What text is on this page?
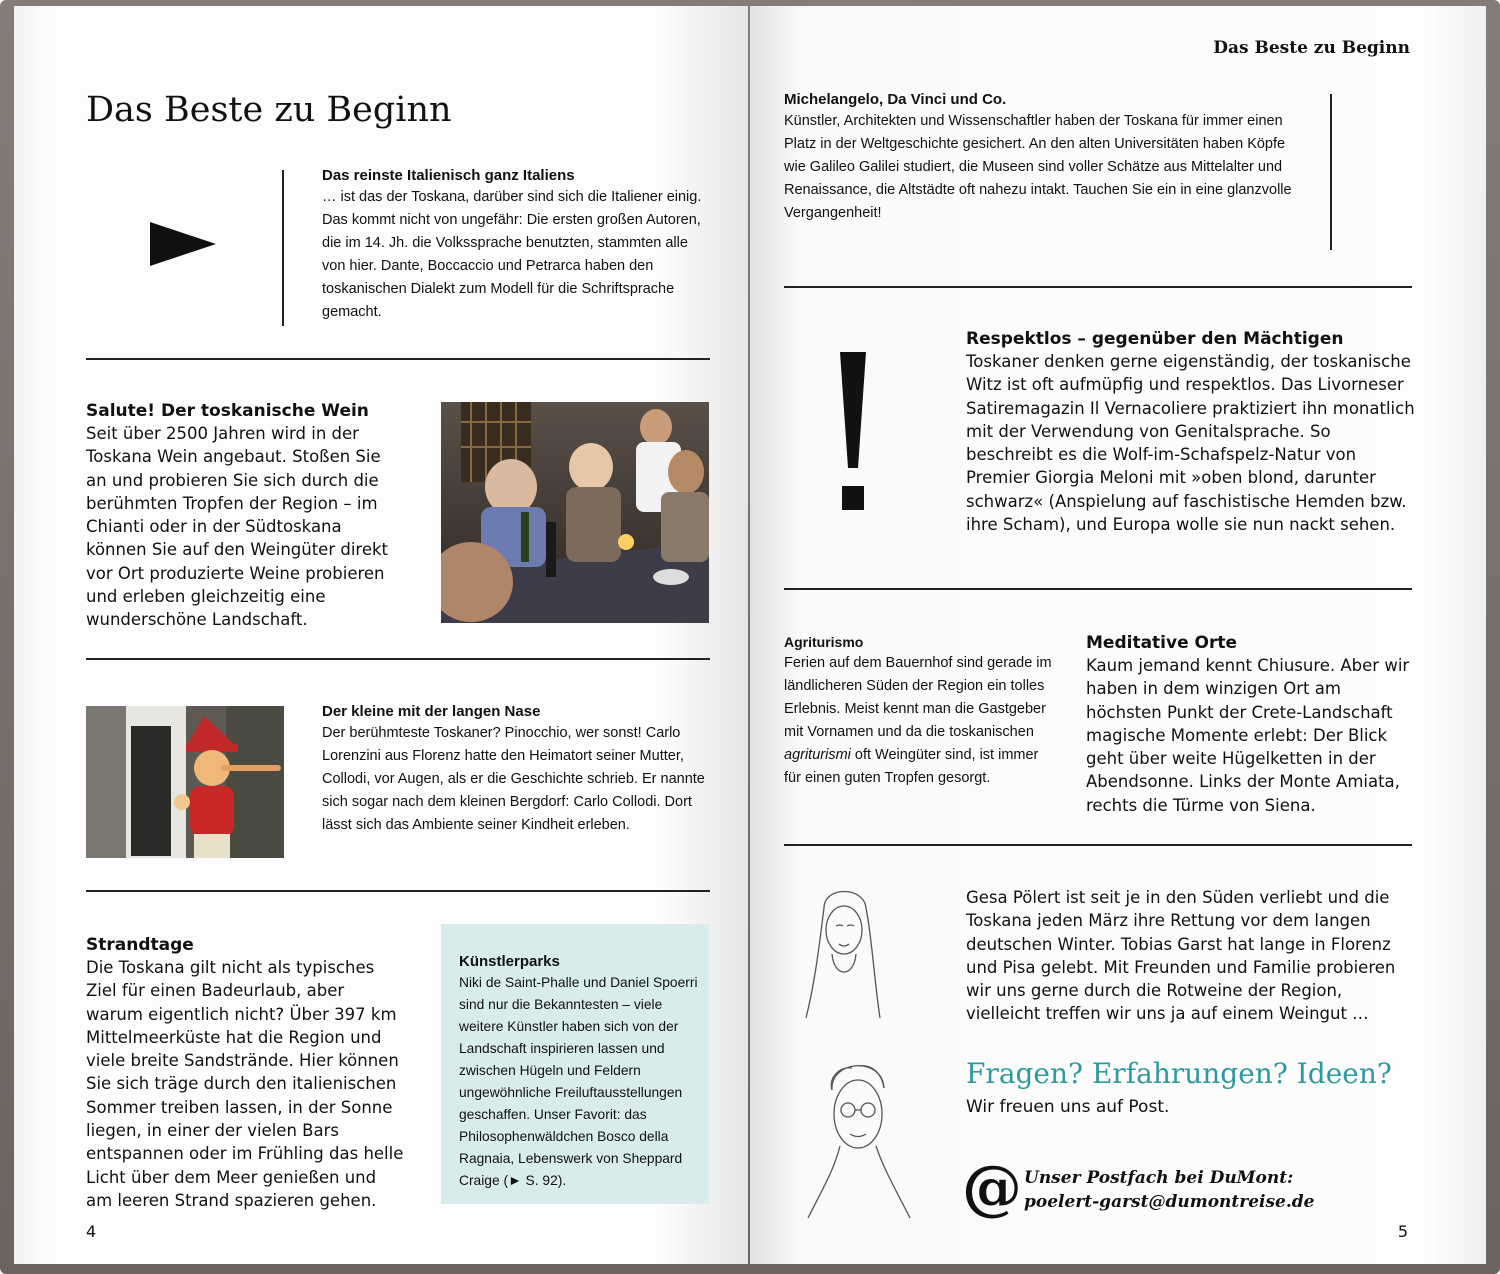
Das Beste zu Beginn
Das reinste Italienisch ganz Italiens
… ist das der Toskana, darüber sind sich die Italiener einig. Das kommt nicht von ungefähr: Die ersten großen Autoren, die im 14. Jh. die Volkssprache benutzten, stammten alle von hier. Dante, Boccaccio und Petrarca haben den toskanischen Dialekt zum Modell für die Schriftsprache gemacht.
Salute! Der toskanische Wein
Seit über 2500 Jahren wird in der Toskana Wein angebaut. Stoßen Sie an und probieren Sie sich durch die berühmten Tropfen der Region – im Chianti oder in der Südtoskana können Sie auf den Weingüter direkt vor Ort produzierte Weine probieren und erleben gleichzeitig eine wunderschöne Landschaft.
Der kleine mit der langen Nase
Der berühmteste Toskaner? Pinocchio, wer sonst! Carlo Lorenzini aus Florenz hatte den Heimatort seiner Mutter, Collodi, vor Augen, als er die Geschichte schrieb. Er nannte sich sogar nach dem kleinen Bergdorf: Carlo Collodi. Dort lässt sich das Ambiente seiner Kindheit erleben.
Strandtage
Die Toskana gilt nicht als typisches Ziel für einen Badeurlaub, aber warum eigentlich nicht? Über 397 km Mittelmeerküste hat die Region und viele breite Sandstrände. Hier können Sie sich träge durch den italienischen Sommer treiben lassen, in der Sonne liegen, in einer der vielen Bars entspannen oder im Frühling das helle Licht über dem Meer genießen und am leeren Strand spazieren gehen.
Künstlerparks
Niki de Saint-Phalle und Daniel Spoerri sind nur die Bekanntesten – viele weitere Künstler haben sich von der Landschaft inspirieren lassen und zwischen Hügeln und Feldern ungewöhnliche Freiluftausstellungen geschaffen. Unser Favorit: das Philosophenwäldchen Bosco della Ragnaia, Lebenswerk von Sheppard Craige (► S. 92).
4
Das Beste zu Beginn
Michelangelo, Da Vinci und Co.
Künstler, Architekten und Wissenschaftler haben der Toskana für immer einen Platz in der Weltgeschichte gesichert. An den alten Universitäten haben Köpfe wie Galileo Galilei studiert, die Museen sind voller Schätze aus Mittelalter und Renaissance, die Altstädte oft nahezu intakt. Tauchen Sie ein in eine glanzvolle Vergangenheit!
Respektlos – gegenüber den Mächtigen
Toskaner denken gerne eigenständig, der toskanische Witz ist oft aufmüpfig und respektlos. Das Livorneser Satiremagazin Il Vernacoliere praktiziert ihn monatlich mit der Verwendung von Genitalsprache. So beschreibt es die Wolf-im-Schafspelz-Natur von Premier Giorgia Meloni mit »oben blond, darunter schwarz« (Anspielung auf faschistische Hemden bzw. ihre Scham), und Europa wolle sie nun nackt sehen.
Agriturismo
Ferien auf dem Bauernhof sind gerade im ländlicheren Süden der Region ein tolles Erlebnis. Meist kennt man die Gastgeber mit Vornamen und da die toskanischen agriturismi oft Weingüter sind, ist immer für einen guten Tropfen gesorgt.
Meditative Orte
Kaum jemand kennt Chiusure. Aber wir haben in dem winzigen Ort am höchsten Punkt der Crete-Landschaft magische Momente erlebt: Der Blick geht über weite Hügelketten in der Abendsonne. Links der Monte Amiata, rechts die Türme von Siena.
Gesa Pölert ist seit je in den Süden verliebt und die Toskana jeden März ihre Rettung vor dem langen deutschen Winter. Tobias Garst hat lange in Florenz und Pisa gelebt. Mit Freunden und Familie probieren wir uns gerne durch die Rotweine der Region, vielleicht treffen wir uns ja auf einem Weingut …
Fragen? Erfahrungen? Ideen?
Wir freuen uns auf Post.
@ Unser Postfach bei DuMont:
poelert-garst@dumontreise.de
5
